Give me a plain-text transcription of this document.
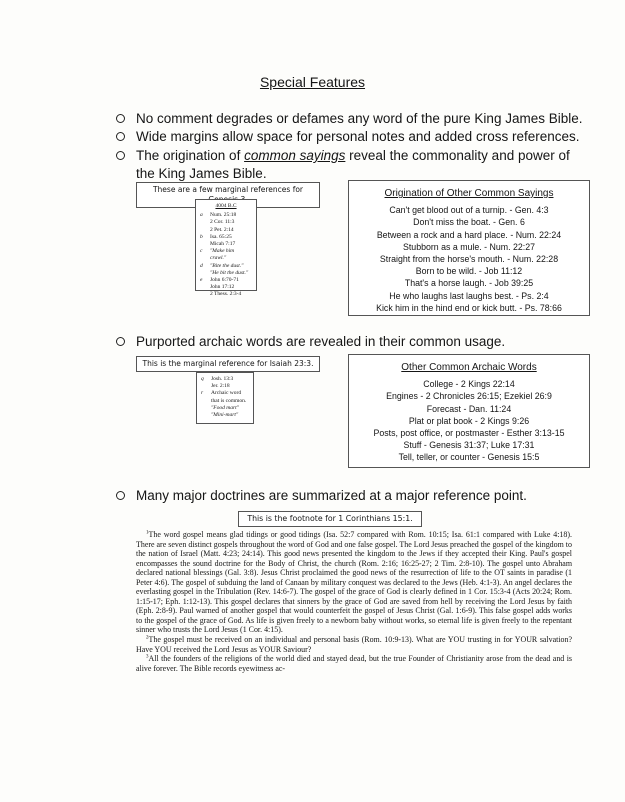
Special Features
No comment degrades or defames any word of the pure King James Bible.
Wide margins allow space for personal notes and added cross references.
The origination of common sayings reveal the commonality and power of the King James Bible.
These are a few marginal references for
4004 B.C
a Num. 25:18
2 Cor. 11:3
2 Pet. 2:14
b Isa. 65:25
Micah 7:17
c "Make him
crawl."
d "Bite the dust."
"He bit the dust."
e John 6:70-71
John 17:12
2 Thess. 2:3-4
Origination of Other Common Sayings
Can't get blood out of a turnip. - Gen. 4:3
Don't miss the boat. - Gen. 6
Between a rock and a hard place. - Num. 22:24
Stubborn as a mule. - Num. 22:27
Straight from the horse's mouth. - Num. 22:28
Born to be wild. - Job 11:12
That's a horse laugh. - Job 39:25
He who laughs last laughs best. - Ps. 2:4
Kick him in the hind end or kick butt. - Ps. 78:66
Purported archaic words are revealed in their common usage.
This is the marginal reference for Isaiah 23:3.
q Josh. 13:3
Jer. 2:18
r Archaic word
that is common.
"Food mart"
"Mini-mart"
Other Common Archaic Words
College - 2 Kings 22:14
Engines - 2 Chronicles 26:15; Ezekiel 26:9
Forecast - Dan. 11:24
Plat or plat book - 2 Kings 9:26
Posts, post office, or postmaster - Esther 3:13-15
Stuff - Genesis 31:37; Luke 17:31
Tell, teller, or counter - Genesis 15:5
Many major doctrines are summarized at a major reference point.
This is the footnote for 1 Corinthians 15:1.

$^1$The word gospel means glad tidings or good tidings (Isa. 52:7 compared with Rom. 10:15; Isa. 61:1 compared with Luke 4:18). There are seven distinct gospels throughout the word of God and one false gospel. The Lord Jesus preached the gospel of the kingdom to the nation of Israel (Matt. 4:23; 24:14). This good news presented the kingdom to the Jews if they accepted their King. Paul's gospel encompasses the sound doctrine for the Body of Christ, the church (Rom. 2:16; 16:25-27; 2 Tim. 2:8-10). The gospel unto Abraham declared national blessings (Gal. 3:8). Jesus Christ proclaimed the good news of the resurrection of life to the OT saints in paradise (1 Peter 4:6). The gospel of subduing the land of Canaan by military conquest was declared to the Jews (Heb. 4:1-3). An angel declares the everlasting gospel in the Tribulation (Rev. 14:6-7). The gospel of the grace of God is clearly defined in 1 Cor. 15:3-4 (Acts 20:24; Rom. 1:15-17; Eph. 1:12-13). This gospel declares that sinners by the grace of God are saved from hell by receiving the Lord Jesus by faith (Eph. 2:8-9). Paul warned of another gospel that would counterfeit the gospel of Jesus Christ (Gal. 1:6-9). This false gospel adds works to the gospel of the grace of God. As life is given freely to a newborn baby without works, so eternal life is given freely to the repentant sinner who trusts the Lord Jesus (1 Cor. 4:15).

$^2$The gospel must be received on an individual and personal basis (Rom. 10:9-13). What are YOU trusting in for YOUR salvation? Have YOU received the Lord Jesus as YOUR Saviour?

$^3$All the founders of the religions of the world died and stayed dead, but the true Founder of Christianity arose from the dead and is alive forever. The Bible records eyewitness ac-
